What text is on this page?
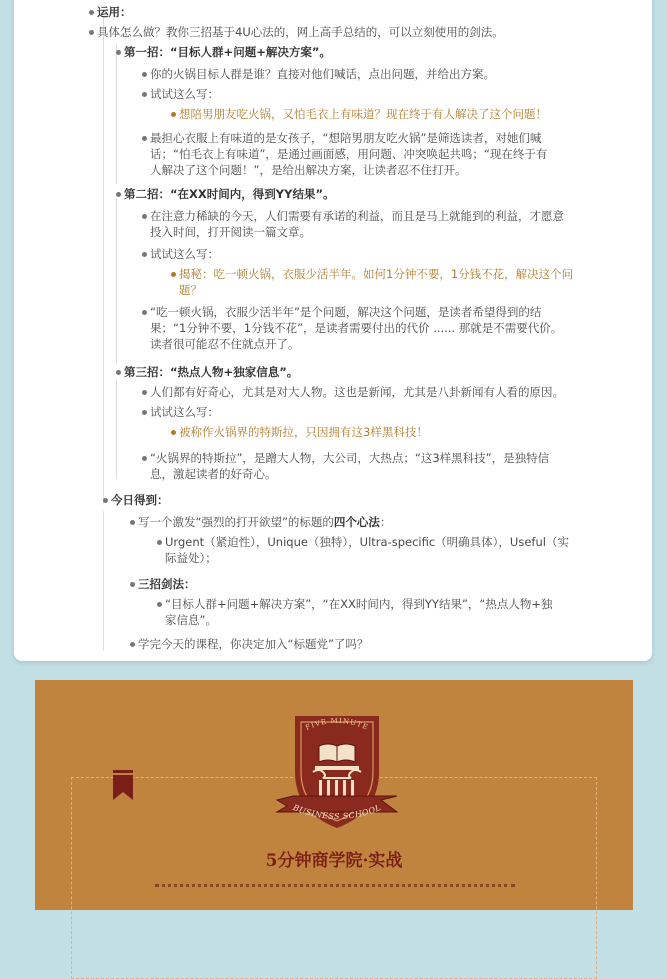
运用：
具体怎么做？教你三招基于4U心法的，网上高手总结的，可以立刻使用的剑法。
第一招：“目标人群+问题+解决方案”。
你的火锅目标人群是谁？直接对他们喊话，点出问题，并给出方案。
试试这么写：
想陪男朋友吃火锅，又怕毛衣上有味道？现在终于有人解决了这个问题！
最担心衣服上有味道的是女孩子，“想陪男朋友吃火锅”是筛选读者，对她们喊
话；“怕毛衣上有味道”，是通过画面感，用问题、冲突唤起共鸣；“现在终于有
人解决了这个问题！”，是给出解决方案，让读者忍不住打开。
第二招：“在XX时间内，得到YY结果”。
在注意力稀缺的今天，人们需要有承诺的利益，而且是马上就能到的利益，才愿意
投入时间，打开阅读一篇文章。
试试这么写：
揭秘：吃一顿火锅，衣服少活半年。如何1分钟不要，1分钱不花，解决这个问
题？
“吃一顿火锅，衣服少活半年”是个问题，解决这个问题，是读者希望得到的结
果；“1分钟不要，1分钱不花”，是读者需要付出的代价 ...... 那就是不需要代价。
读者很可能忍不住就点开了。
第三招：“热点人物+独家信息”。
人们都有好奇心，尤其是对大人物。这也是新闻，尤其是八卦新闻有人看的原因。
试试这么写：
被称作火锅界的特斯拉，只因拥有这3样黑科技！
“火锅界的特斯拉”，是蹭大人物，大公司，大热点；“这3样黑科技”，是独特信
息，激起读者的好奇心。
今日得到：
写一个激发“强烈的打开欲望”的标题的四个心法：
Urgent（紧迫性），Unique（独特），Ultra-specific（明确具体），Useful（实
际益处）；
三招剑法：
“目标人群+问题+解决方案”，“在XX时间内，得到YY结果”，“热点人物+独
家信息”。
学完今天的课程，你决定加入“标题党”了吗？
FIVE MINUTE
BUSINESS SCHOOL
5分钟商学院·实战
